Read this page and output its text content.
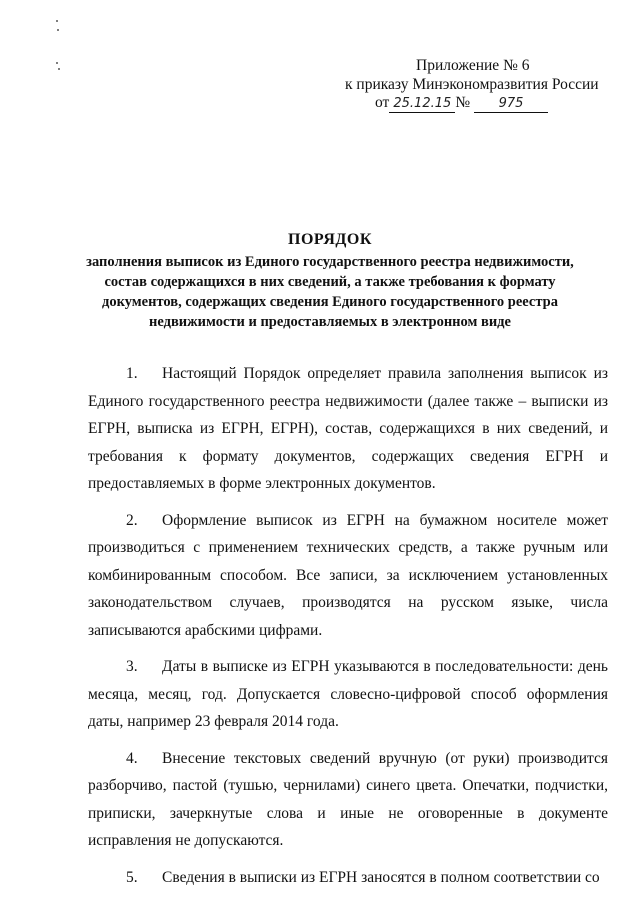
Приложение № 6
к приказу Минэкономразвития России
от 25.12.15 № 975
ПОРЯДОК
заполнения выписок из Единого государственного реестра недвижимости, состав содержащихся в них сведений, а также требования к формату документов, содержащих сведения Единого государственного реестра недвижимости и предоставляемых в электронном виде

1. Настоящий Порядок определяет правила заполнения выписок из Единого государственного реестра недвижимости (далее также – выписки из ЕГРН, выписка из ЕГРН, ЕГРН), состав, содержащихся в них сведений, и требования к формату документов, содержащих сведения ЕГРН и предоставляемых в форме электронных документов.

2. Оформление выписок из ЕГРН на бумажном носителе может производиться с применением технических средств, а также ручным или комбинированным способом. Все записи, за исключением установленных законодательством случаев, производятся на русском языке, числа записываются арабскими цифрами.

3. Даты в выписке из ЕГРН указываются в последовательности: день месяца, месяц, год. Допускается словесно-цифровой способ оформления даты, например 23 февраля 2014 года.

4. Внесение текстовых сведений вручную (от руки) производится разборчиво, пастой (тушью, чернилами) синего цвета. Опечатки, подчистки, приписки, зачеркнутые слова и иные не оговоренные в документе исправления не допускаются.

5. Сведения в выписки из ЕГРН заносятся в полном соответствии со
